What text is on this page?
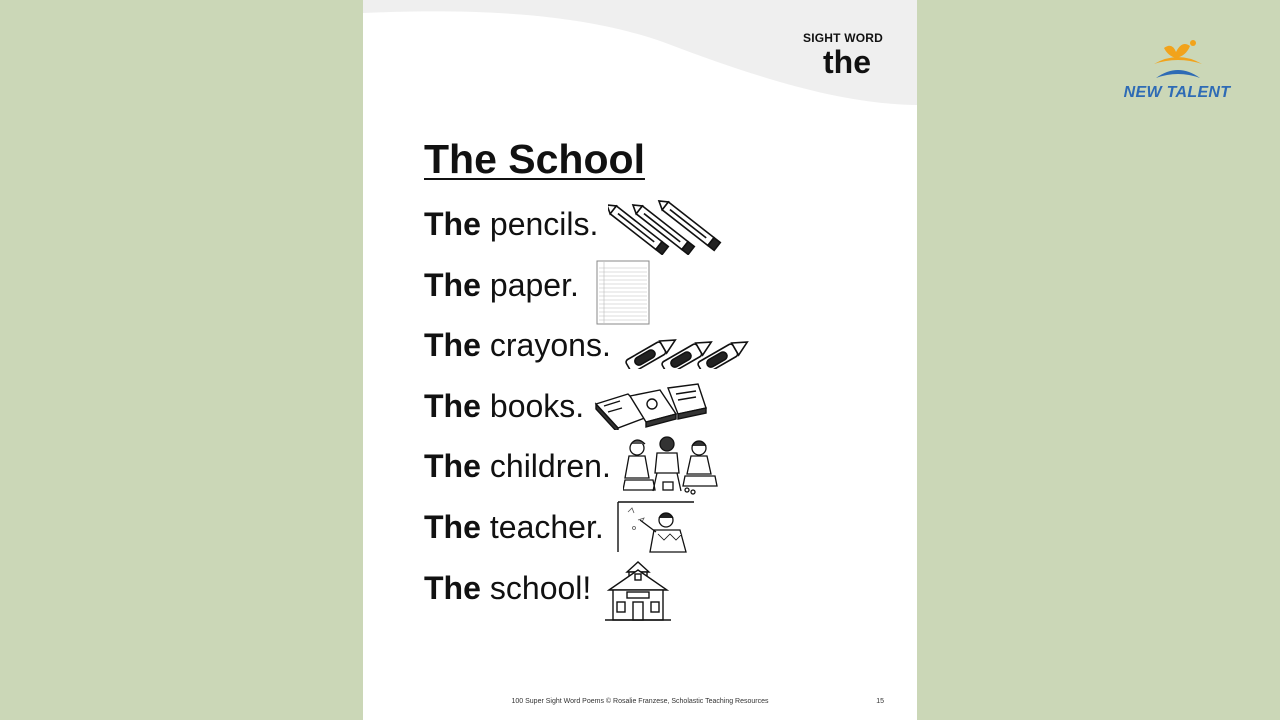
SIGHT WORD
the
The School
The pencils.
The paper.
The crayons.
The books.
The children.
The teacher.
The school!
100 Super Sight Word Poems © Rosalie Franzese, Scholastic Teaching Resources	15
NEW TALENT
